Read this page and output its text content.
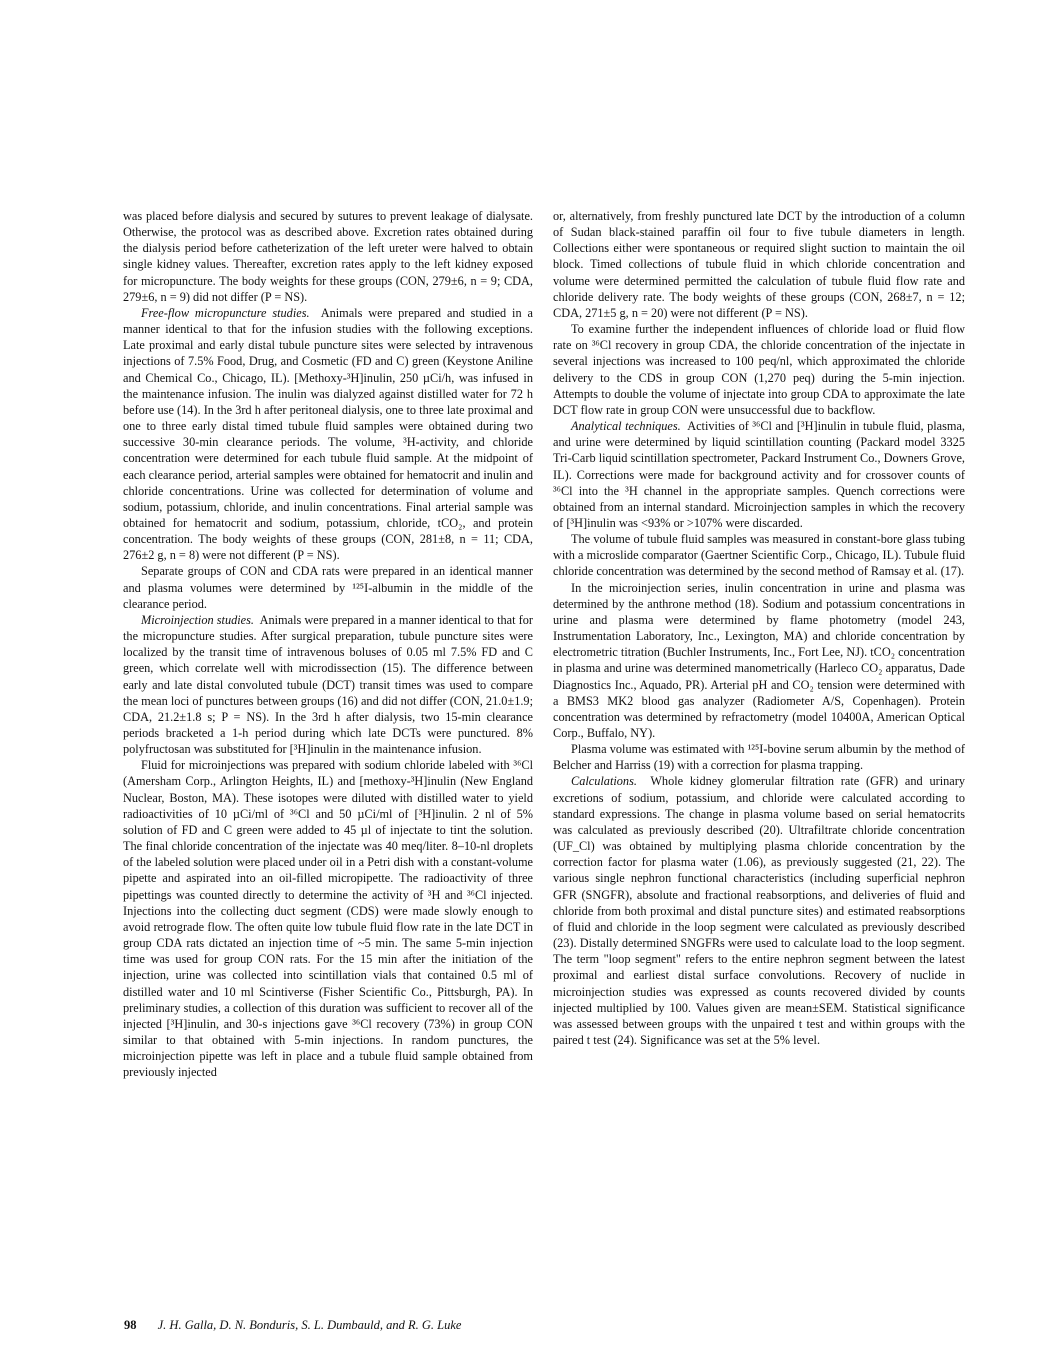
was placed before dialysis and secured by sutures to prevent leakage of dialysate. Otherwise, the protocol was as described above. Excretion rates obtained during the dialysis period before catheterization of the left ureter were halved to obtain single kidney values. Thereafter, excretion rates apply to the left kidney exposed for micropuncture. The body weights for these groups (CON, 279±6, n = 9; CDA, 279±6, n = 9) did not differ (P = NS).

Free-flow micropuncture studies. Animals were prepared and studied in a manner identical to that for the infusion studies with the following exceptions. Late proximal and early distal tubule puncture sites were selected by intravenous injections of 7.5% Food, Drug, and Cosmetic (FD and C) green (Keystone Aniline and Chemical Co., Chicago, IL). [Methoxy-³H]inulin, 250 µCi/h, was infused in the maintenance infusion. The inulin was dialyzed against distilled water for 72 h before use (14). In the 3rd h after peritoneal dialysis, one to three late proximal and one to three early distal timed tubule fluid samples were obtained during two successive 30-min clearance periods. The volume, ³H-activity, and chloride concentration were determined for each tubule fluid sample. At the midpoint of each clearance period, arterial samples were obtained for hematocrit and inulin and chloride concentrations. Urine was collected for determination of volume and sodium, potassium, chloride, and inulin concentrations. Final arterial sample was obtained for hematocrit and sodium, potassium, chloride, tCO₂, and protein concentration. The body weights of these groups (CON, 281±8, n = 11; CDA, 276±2 g, n = 8) were not different (P = NS).

Separate groups of CON and CDA rats were prepared in an identical manner and plasma volumes were determined by ¹²⁵I-albumin in the middle of the clearance period.

Microinjection studies. Animals were prepared in a manner identical to that for the micropuncture studies. After surgical preparation, tubule puncture sites were localized by the transit time of intravenous boluses of 0.05 ml 7.5% FD and C green, which correlate well with microdissection (15). The difference between early and late distal convoluted tubule (DCT) transit times was used to compare the mean loci of punctures between groups (16) and did not differ (CON, 21.0±1.9; CDA, 21.2±1.8 s; P = NS). In the 3rd h after dialysis, two 15-min clearance periods bracketed a 1-h period during which late DCTs were punctured. 8% polyfructosan was substituted for [³H]inulin in the maintenance infusion.

Fluid for microinjections was prepared with sodium chloride labeled with ³⁶Cl (Amersham Corp., Arlington Heights, IL) and [methoxy-³H]inulin (New England Nuclear, Boston, MA). These isotopes were diluted with distilled water to yield radioactivities of 10 µCi/ml of ³⁶Cl and 50 µCi/ml of [³H]inulin. 2 nl of 5% solution of FD and C green were added to 45 µl of injectate to tint the solution. The final chloride concentration of the injectate was 40 meq/liter. 8–10-nl droplets of the labeled solution were placed under oil in a Petri dish with a constant-volume pipette and aspirated into an oil-filled micropipette. The radioactivity of three pipettings was counted directly to determine the activity of ³H and ³⁶Cl injected. Injections into the collecting duct segment (CDS) were made slowly enough to avoid retrograde flow. The often quite low tubule fluid flow rate in the late DCT in group CDA rats dictated an injection time of ~5 min. The same 5-min injection time was used for group CON rats. For the 15 min after the initiation of the injection, urine was collected into scintillation vials that contained 0.5 ml of distilled water and 10 ml Scintiverse (Fisher Scientific Co., Pittsburgh, PA). In preliminary studies, a collection of this duration was sufficient to recover all of the injected [³H]inulin, and 30-s injections gave ³⁶Cl recovery (73%) in group CON similar to that obtained with 5-min injections. In random punctures, the microinjection pipette was left in place and a tubule fluid sample obtained from previously injected

or, alternatively, from freshly punctured late DCT by the introduction of a column of Sudan black-stained paraffin oil four to five tubule diameters in length. Collections either were spontaneous or required slight suction to maintain the oil block. Timed collections of tubule fluid in which chloride concentration and volume were determined permitted the calculation of tubule fluid flow rate and chloride delivery rate. The body weights of these groups (CON, 268±7, n = 12; CDA, 271±5 g, n = 20) were not different (P = NS).

To examine further the independent influences of chloride load or fluid flow rate on ³⁶Cl recovery in group CDA, the chloride concentration of the injectate in several injections was increased to 100 peq/nl, which approximated the chloride delivery to the CDS in group CON (1,270 peq) during the 5-min injection. Attempts to double the volume of injectate into group CDA to approximate the late DCT flow rate in group CON were unsuccessful due to backflow.

Analytical techniques. Activities of ³⁶Cl and [³H]inulin in tubule fluid, plasma, and urine were determined by liquid scintillation counting (Packard model 3325 Tri-Carb liquid scintillation spectrometer, Packard Instrument Co., Downers Grove, IL). Corrections were made for background activity and for crossover counts of ³⁶Cl into the ³H channel in the appropriate samples. Quench corrections were obtained from an internal standard. Microinjection samples in which the recovery of [³H]inulin was <93% or >107% were discarded.

The volume of tubule fluid samples was measured in constant-bore glass tubing with a microslide comparator (Gaertner Scientific Corp., Chicago, IL). Tubule fluid chloride concentration was determined by the second method of Ramsay et al. (17).

In the microinjection series, inulin concentration in urine and plasma was determined by the anthrone method (18). Sodium and potassium concentrations in urine and plasma were determined by flame photometry (model 243, Instrumentation Laboratory, Inc., Lexington, MA) and chloride concentration by electrometric titration (Buchler Instruments, Inc., Fort Lee, NJ). tCO₂ concentration in plasma and urine was determined manometrically (Harleco CO₂ apparatus, Dade Diagnostics Inc., Aquado, PR). Arterial pH and CO₂ tension were determined with a BMS3 MK2 blood gas analyzer (Radiometer A/S, Copenhagen). Protein concentration was determined by refractometry (model 10400A, American Optical Corp., Buffalo, NY).

Plasma volume was estimated with ¹²⁵I-bovine serum albumin by the method of Belcher and Harriss (19) with a correction for plasma trapping.

Calculations. Whole kidney glomerular filtration rate (GFR) and urinary excretions of sodium, potassium, and chloride were calculated according to standard expressions. The change in plasma volume based on serial hematocrits was calculated as previously described (20). Ultrafiltrate chloride concentration (UF_Cl) was obtained by multiplying plasma chloride concentration by the correction factor for plasma water (1.06), as previously suggested (21, 22). The various single nephron functional characteristics (including superficial nephron GFR (SNGFR), absolute and fractional reabsorptions, and deliveries of fluid and chloride from both proximal and distal puncture sites) and estimated reabsorptions of fluid and chloride in the loop segment were calculated as previously described (23). Distally determined SNGFRs were used to calculate load to the loop segment. The term "loop segment" refers to the entire nephron segment between the latest proximal and earliest distal surface convolutions. Recovery of nuclide in microinjection studies was expressed as counts recovered divided by counts injected multiplied by 100. Values given are mean±SEM. Statistical significance was assessed between groups with the unpaired t test and within groups with the paired t test (24). Significance was set at the 5% level.

98 J. H. Galla, D. N. Bonduris, S. L. Dumbauld, and R. G. Luke
